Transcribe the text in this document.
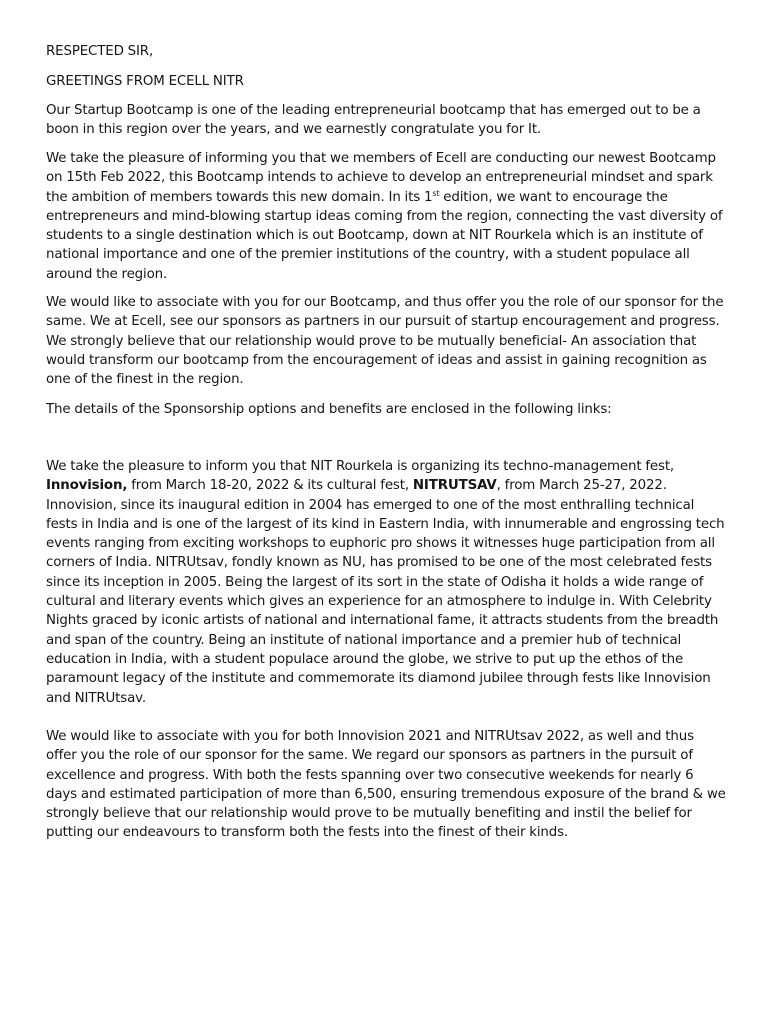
RESPECTED SIR,

GREETINGS FROM ECELL NITR

Our Startup Bootcamp is one of the leading entrepreneurial bootcamp that has emerged out to be a boon in this region over the years, and we earnestly congratulate you for It.

We take the pleasure of informing you that we members of Ecell are conducting our newest Bootcamp on 15th Feb 2022, this Bootcamp intends to achieve to develop an entrepreneurial mindset and spark the ambition of members towards this new domain. In its 1st edition, we want to encourage the entrepreneurs and mind-blowing startup ideas coming from the region, connecting the vast diversity of students to a single destination which is out Bootcamp, down at NIT Rourkela which is an institute of national importance and one of the premier institutions of the country, with a student populace all around the region.

We would like to associate with you for our Bootcamp, and thus offer you the role of our sponsor for the same. We at Ecell, see our sponsors as partners in our pursuit of startup encouragement and progress. We strongly believe that our relationship would prove to be mutually beneficial- An association that would transform our bootcamp from the encouragement of ideas and assist in gaining recognition as one of the finest in the region.

The details of the Sponsorship options and benefits are enclosed in the following links:

We take the pleasure to inform you that NIT Rourkela is organizing its techno-management fest, Innovision, from March 18-20, 2022 & its cultural fest, NITRUTSAV, from March 25-27, 2022. Innovision, since its inaugural edition in 2004 has emerged to one of the most enthralling technical fests in India and is one of the largest of its kind in Eastern India, with innumerable and engrossing tech events ranging from exciting workshops to euphoric pro shows it witnesses huge participation from all corners of India. NITRUtsav, fondly known as NU, has promised to be one of the most celebrated fests since its inception in 2005. Being the largest of its sort in the state of Odisha it holds a wide range of cultural and literary events which gives an experience for an atmosphere to indulge in. With Celebrity Nights graced by iconic artists of national and international fame, it attracts students from the breadth and span of the country. Being an institute of national importance and a premier hub of technical education in India, with a student populace around the globe, we strive to put up the ethos of the paramount legacy of the institute and commemorate its diamond jubilee through fests like Innovision and NITRUtsav.

We would like to associate with you for both Innovision 2021 and NITRUtsav 2022, as well and thus offer you the role of our sponsor for the same. We regard our sponsors as partners in the pursuit of excellence and progress. With both the fests spanning over two consecutive weekends for nearly 6 days and estimated participation of more than 6,500, ensuring tremendous exposure of the brand & we strongly believe that our relationship would prove to be mutually benefiting and instil the belief for putting our endeavours to transform both the fests into the finest of their kinds.
